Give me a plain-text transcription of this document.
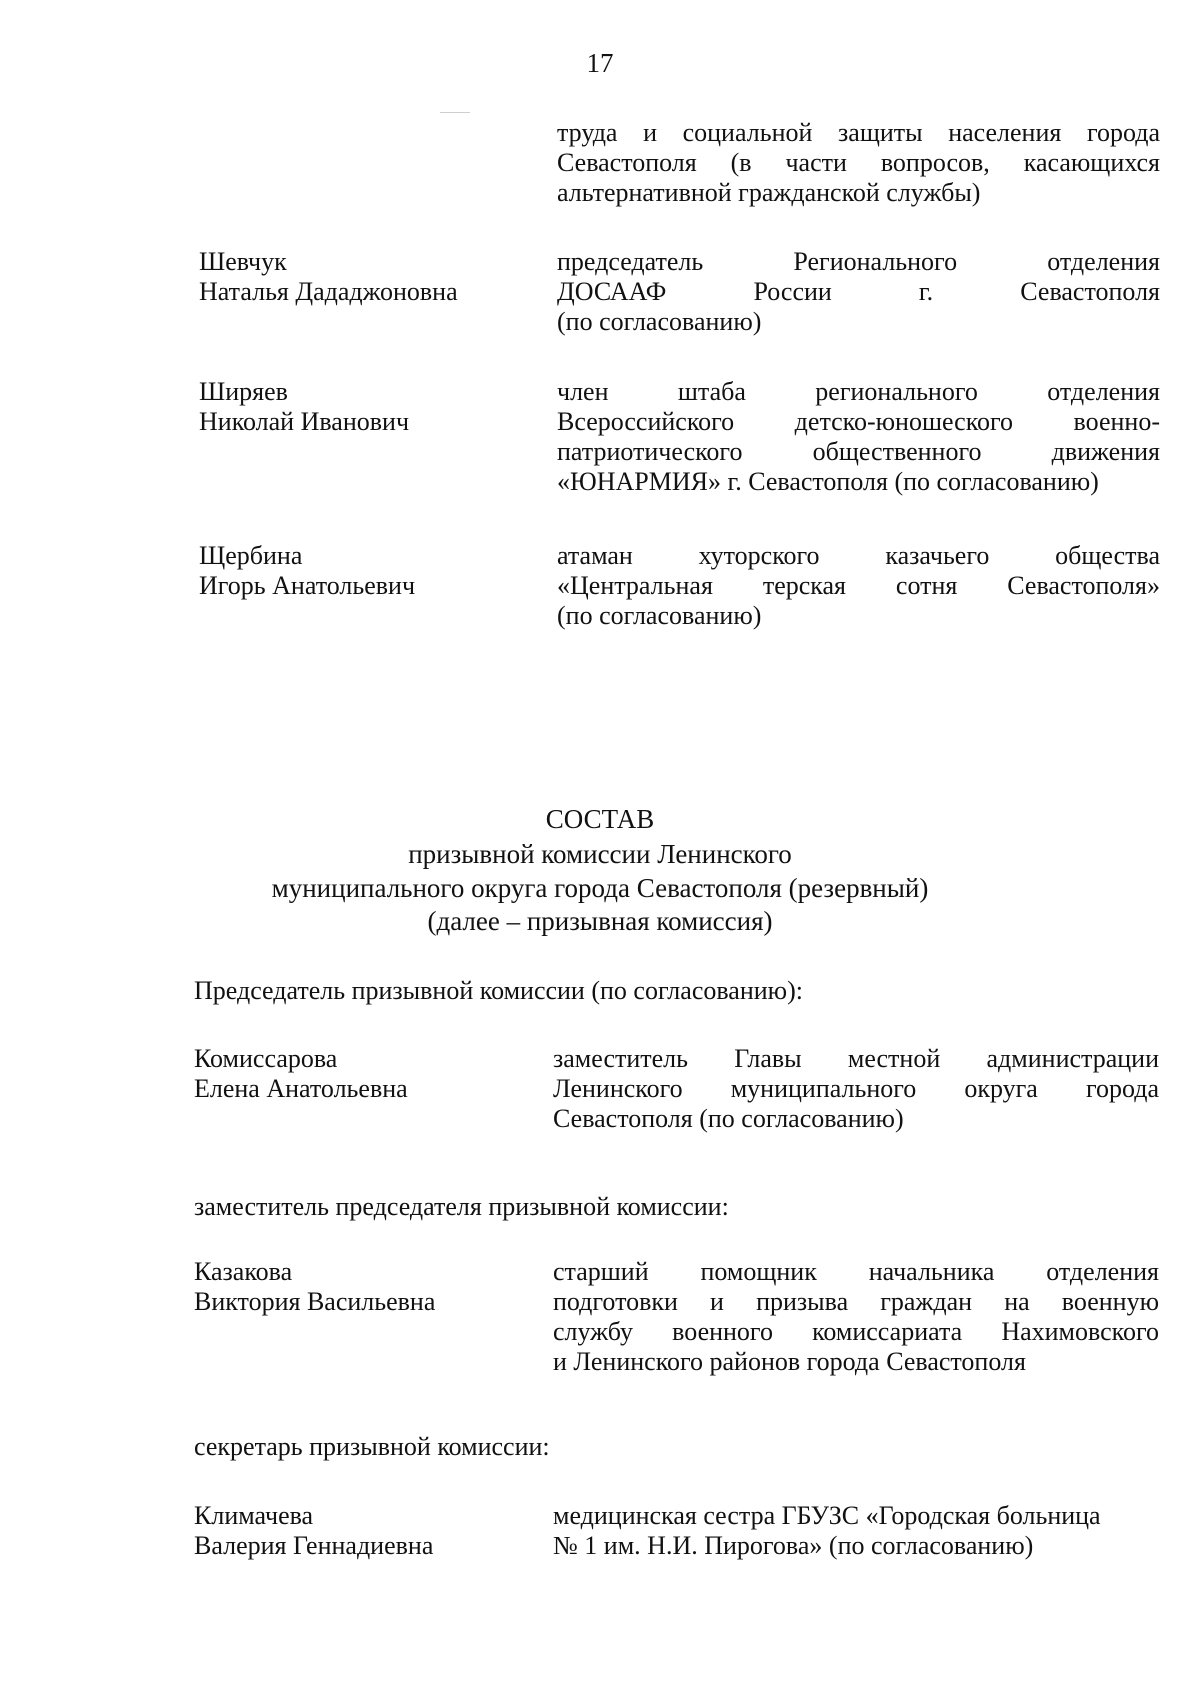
17
труда и социальной защиты населения города
Севастополя (в части вопросов, касающихся
альтернативной гражданской службы)
Шевчук
Наталья Дададжоновна
председатель Регионального отделения
ДОСААФ России г. Севастополя
(по согласованию)
Ширяев
Николай Иванович
член штаба регионального отделения
Всероссийского детско-юношеского военно-
патриотического общественного движения
«ЮНАРМИЯ» г. Севастополя (по согласованию)
Щербина
Игорь Анатольевич
атаман хуторского казачьего общества
«Центральная терская сотня Севастополя»
(по согласованию)
СОСТАВ
призывной комиссии Ленинского
муниципального округа города Севастополя (резервный)
(далее – призывная комиссия)
Председатель призывной комиссии (по согласованию):
Комиссарова
Елена Анатольевна
заместитель Главы местной администрации
Ленинского муниципального округа города
Севастополя (по согласованию)
заместитель председателя призывной комиссии:
Казакова
Виктория Васильевна
старший помощник начальника отделения
подготовки и призыва граждан на военную
службу военного комиссариата Нахимовского
и Ленинского районов города Севастополя
секретарь призывной комиссии:
Климачева
Валерия Геннадиевна
медицинская сестра ГБУЗС «Городская больница
№ 1 им. Н.И. Пирогова» (по согласованию)
